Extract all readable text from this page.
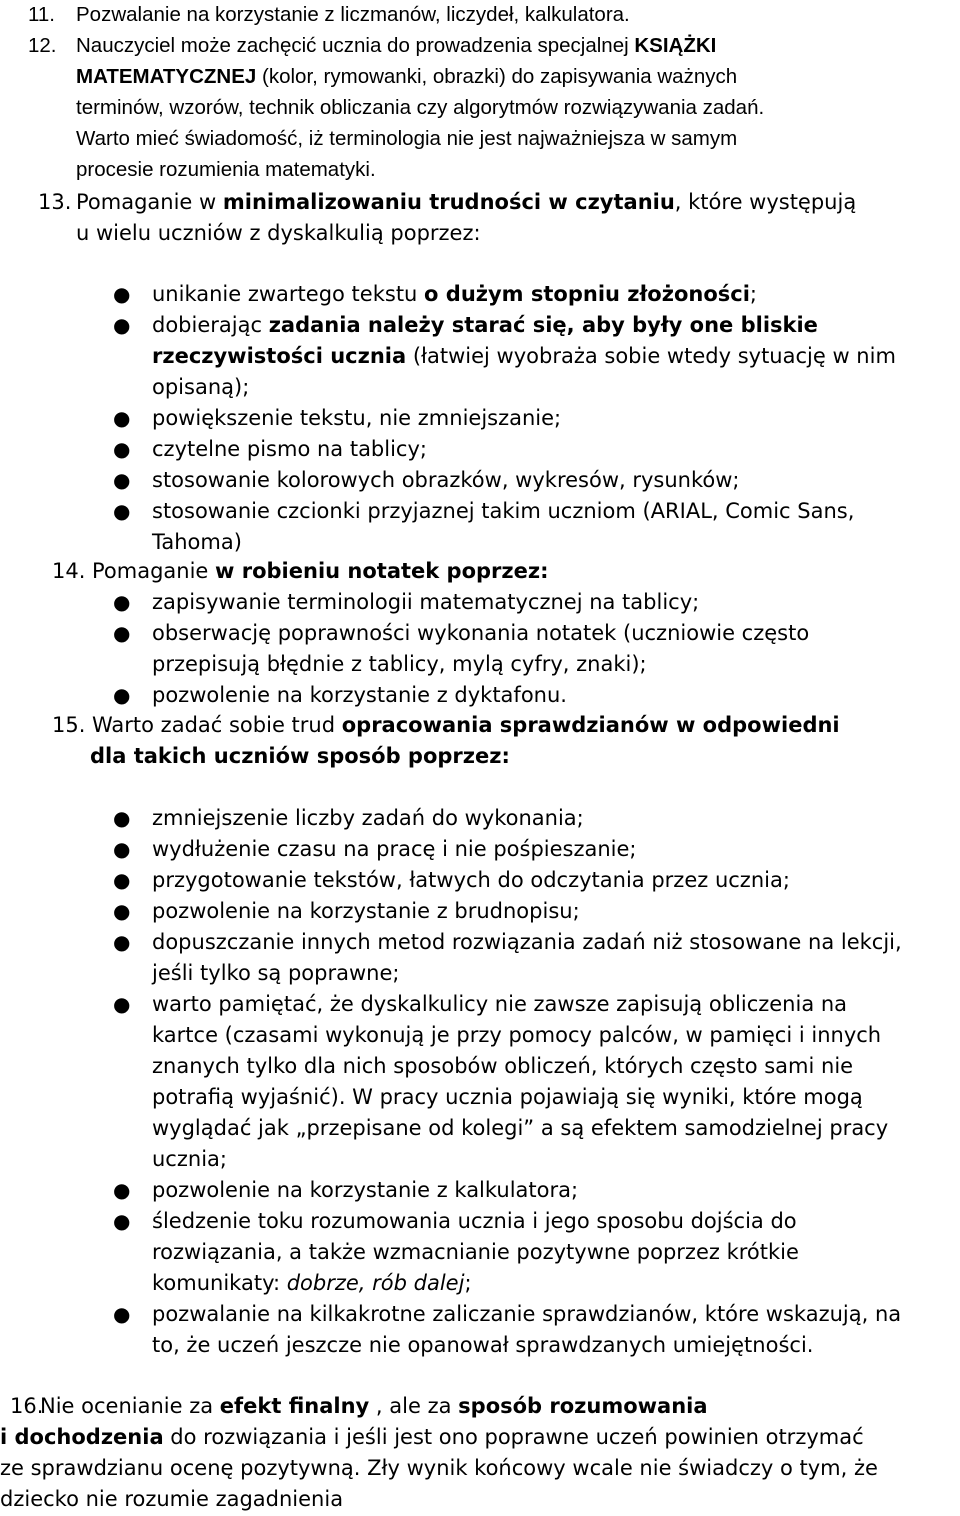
11. Pozwalanie na korzystanie z liczmanów, liczydeł, kalkulatora.
12. Nauczyciel może zachęcić ucznia do prowadzenia specjalnej KSIĄŻKI
MATEMATYCZNEJ (kolor, rymowanki, obrazki) do zapisywania ważnych
terminów, wzorów, technik obliczania czy algorytmów rozwiązywania zadań.
Warto mieć świadomość, iż terminologia nie jest najważniejsza w samym
procesie rozumienia matematyki.
13. Pomaganie w minimalizowaniu trudności w czytaniu, które występują
u wielu uczniów z dyskalkulią poprzez:
● unikanie zwartego tekstu o dużym stopniu złożoności;
● dobierając zadania należy starać się, aby były one bliskie
rzeczywistości ucznia (łatwiej wyobraża sobie wtedy sytuację w nim
opisaną);
● powiększenie tekstu, nie zmniejszanie;
● czytelne pismo na tablicy;
● stosowanie kolorowych obrazków, wykresów, rysunków;
● stosowanie czcionki przyjaznej takim uczniom (ARIAL, Comic Sans,
Tahoma)
14. Pomaganie w robieniu notatek poprzez:
● zapisywanie terminologii matematycznej na tablicy;
● obserwację poprawności wykonania notatek (uczniowie często
przepisują błędnie z tablicy, mylą cyfry, znaki);
● pozwolenie na korzystanie z dyktafonu.
15. Warto zadać sobie trud opracowania sprawdzianów w odpowiedni
dla takich uczniów sposób poprzez:
● zmniejszenie liczby zadań do wykonania;
● wydłużenie czasu na pracę i nie pośpieszanie;
● przygotowanie tekstów, łatwych do odczytania przez ucznia;
● pozwolenie na korzystanie z brudnopisu;
● dopuszczanie innych metod rozwiązania zadań niż stosowane na lekcji,
jeśli tylko są poprawne;
● warto pamiętać, że dyskalkulicy nie zawsze zapisują obliczenia na
kartce (czasami wykonują je przy pomocy palców, w pamięci i innych
znanych tylko dla nich sposobów obliczeń, których często sami nie
potrafią wyjaśnić). W pracy ucznia pojawiają się wyniki, które mogą
wyglądać jak „przepisane od kolegi” a są efektem samodzielnej pracy
ucznia;
● pozwolenie na korzystanie z kalkulatora;
● śledzenie toku rozumowania ucznia i jego sposobu dojścia do
rozwiązania, a także wzmacnianie pozytywne poprzez krótkie
komunikaty: dobrze, rób dalej;
● pozwalanie na kilkakrotne zaliczanie sprawdzianów, które wskazują, na
to, że uczeń jeszcze nie opanował sprawdzanych umiejętności.
16.
Nie ocenianie za efekt finalny , ale za sposób rozumowania
i dochodzenia do rozwiązania i jeśli jest ono poprawne uczeń powinien otrzymać
ze sprawdzianu ocenę pozytywną. Zły wynik końcowy wcale nie świadczy o tym, że
dziecko nie rozumie zagadnienia
